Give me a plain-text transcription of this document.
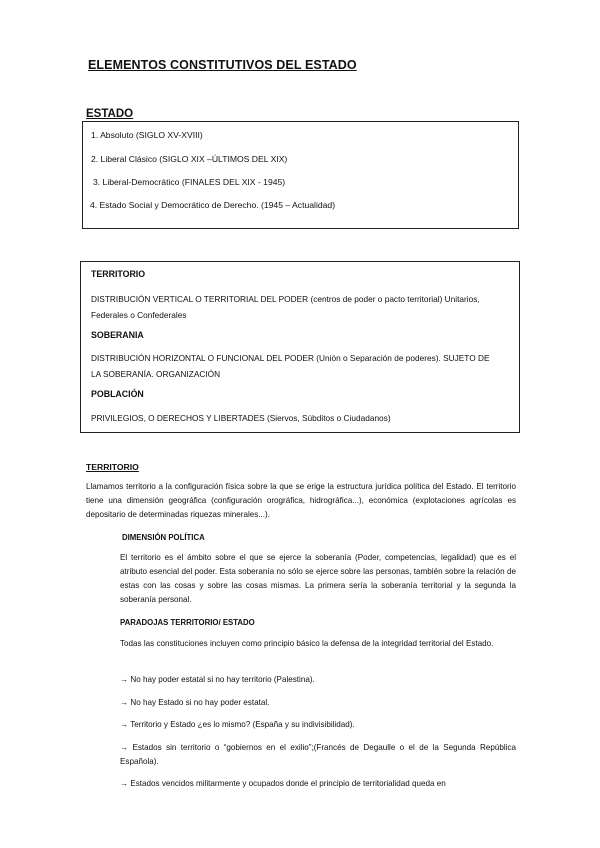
ELEMENTOS CONSTITUTIVOS DEL ESTADO
ESTADO
1. Absoluto (SIGLO XV-XVIII)
2. Liberal Clásico (SIGLO XIX –ÚLTIMOS DEL XIX)
3. Liberal-Democrático (FINALES DEL XIX - 1945)
4. Estado Social y Democrático de Derecho. (1945 – Actualidad)
TERRITORIO
DISTRIBUCIÓN VERTICAL O TERRITORIAL DEL PODER (centros de poder o pacto territorial) Unitarios, Federales o Confederales
SOBERANIA
DISTRIBUCIÓN HORIZONTAL O FUNCIONAL DEL PODER (Unión o Separación de poderes). SUJETO DE LA SOBERANÍA. ORGANIZACIÓN
POBLACIÓN
PRIVILEGIOS, O DERECHOS Y LIBERTADES (Siervos, Súbditos o Ciudadanos)
TERRITORIO
Llamamos territorio a la configuración física sobre la que se erige la estructura jurídica política del Estado. El territorio tiene una dimensión geográfica (configuración orográfica, hidrográfica...), económica (explotaciones agrícolas es depositario de determinadas riquezas minerales...).
DIMENSIÓN POLÍTICA
El territorio es el ámbito sobre el que se ejerce la soberanía (Poder, competencias, legalidad) que es el atributo esencial del poder. Esta soberanía no sólo se ejerce sobre las personas, también sobre la relación de estas con las cosas y sobre las cosas mismas. La primera sería la soberanía territorial y la segunda la soberanía personal.
PARADOJAS TERRITORIO/ ESTADO
Todas las constituciones incluyen como principio básico la defensa de la integridad territorial del Estado.
→ No hay poder estatal si no hay territorio (Palestina).
→ No hay Estado si no hay poder estatal.
→ Territorio y Estado ¿es lo mismo? (España y su indivisibilidad).
→ Estados sin territorio o “gobiernos en el exilio”;(Francés de Degaulle o el de la Segunda República Española).
→ Estados vencidos militarmente y ocupados donde el principio de territorialidad queda en
